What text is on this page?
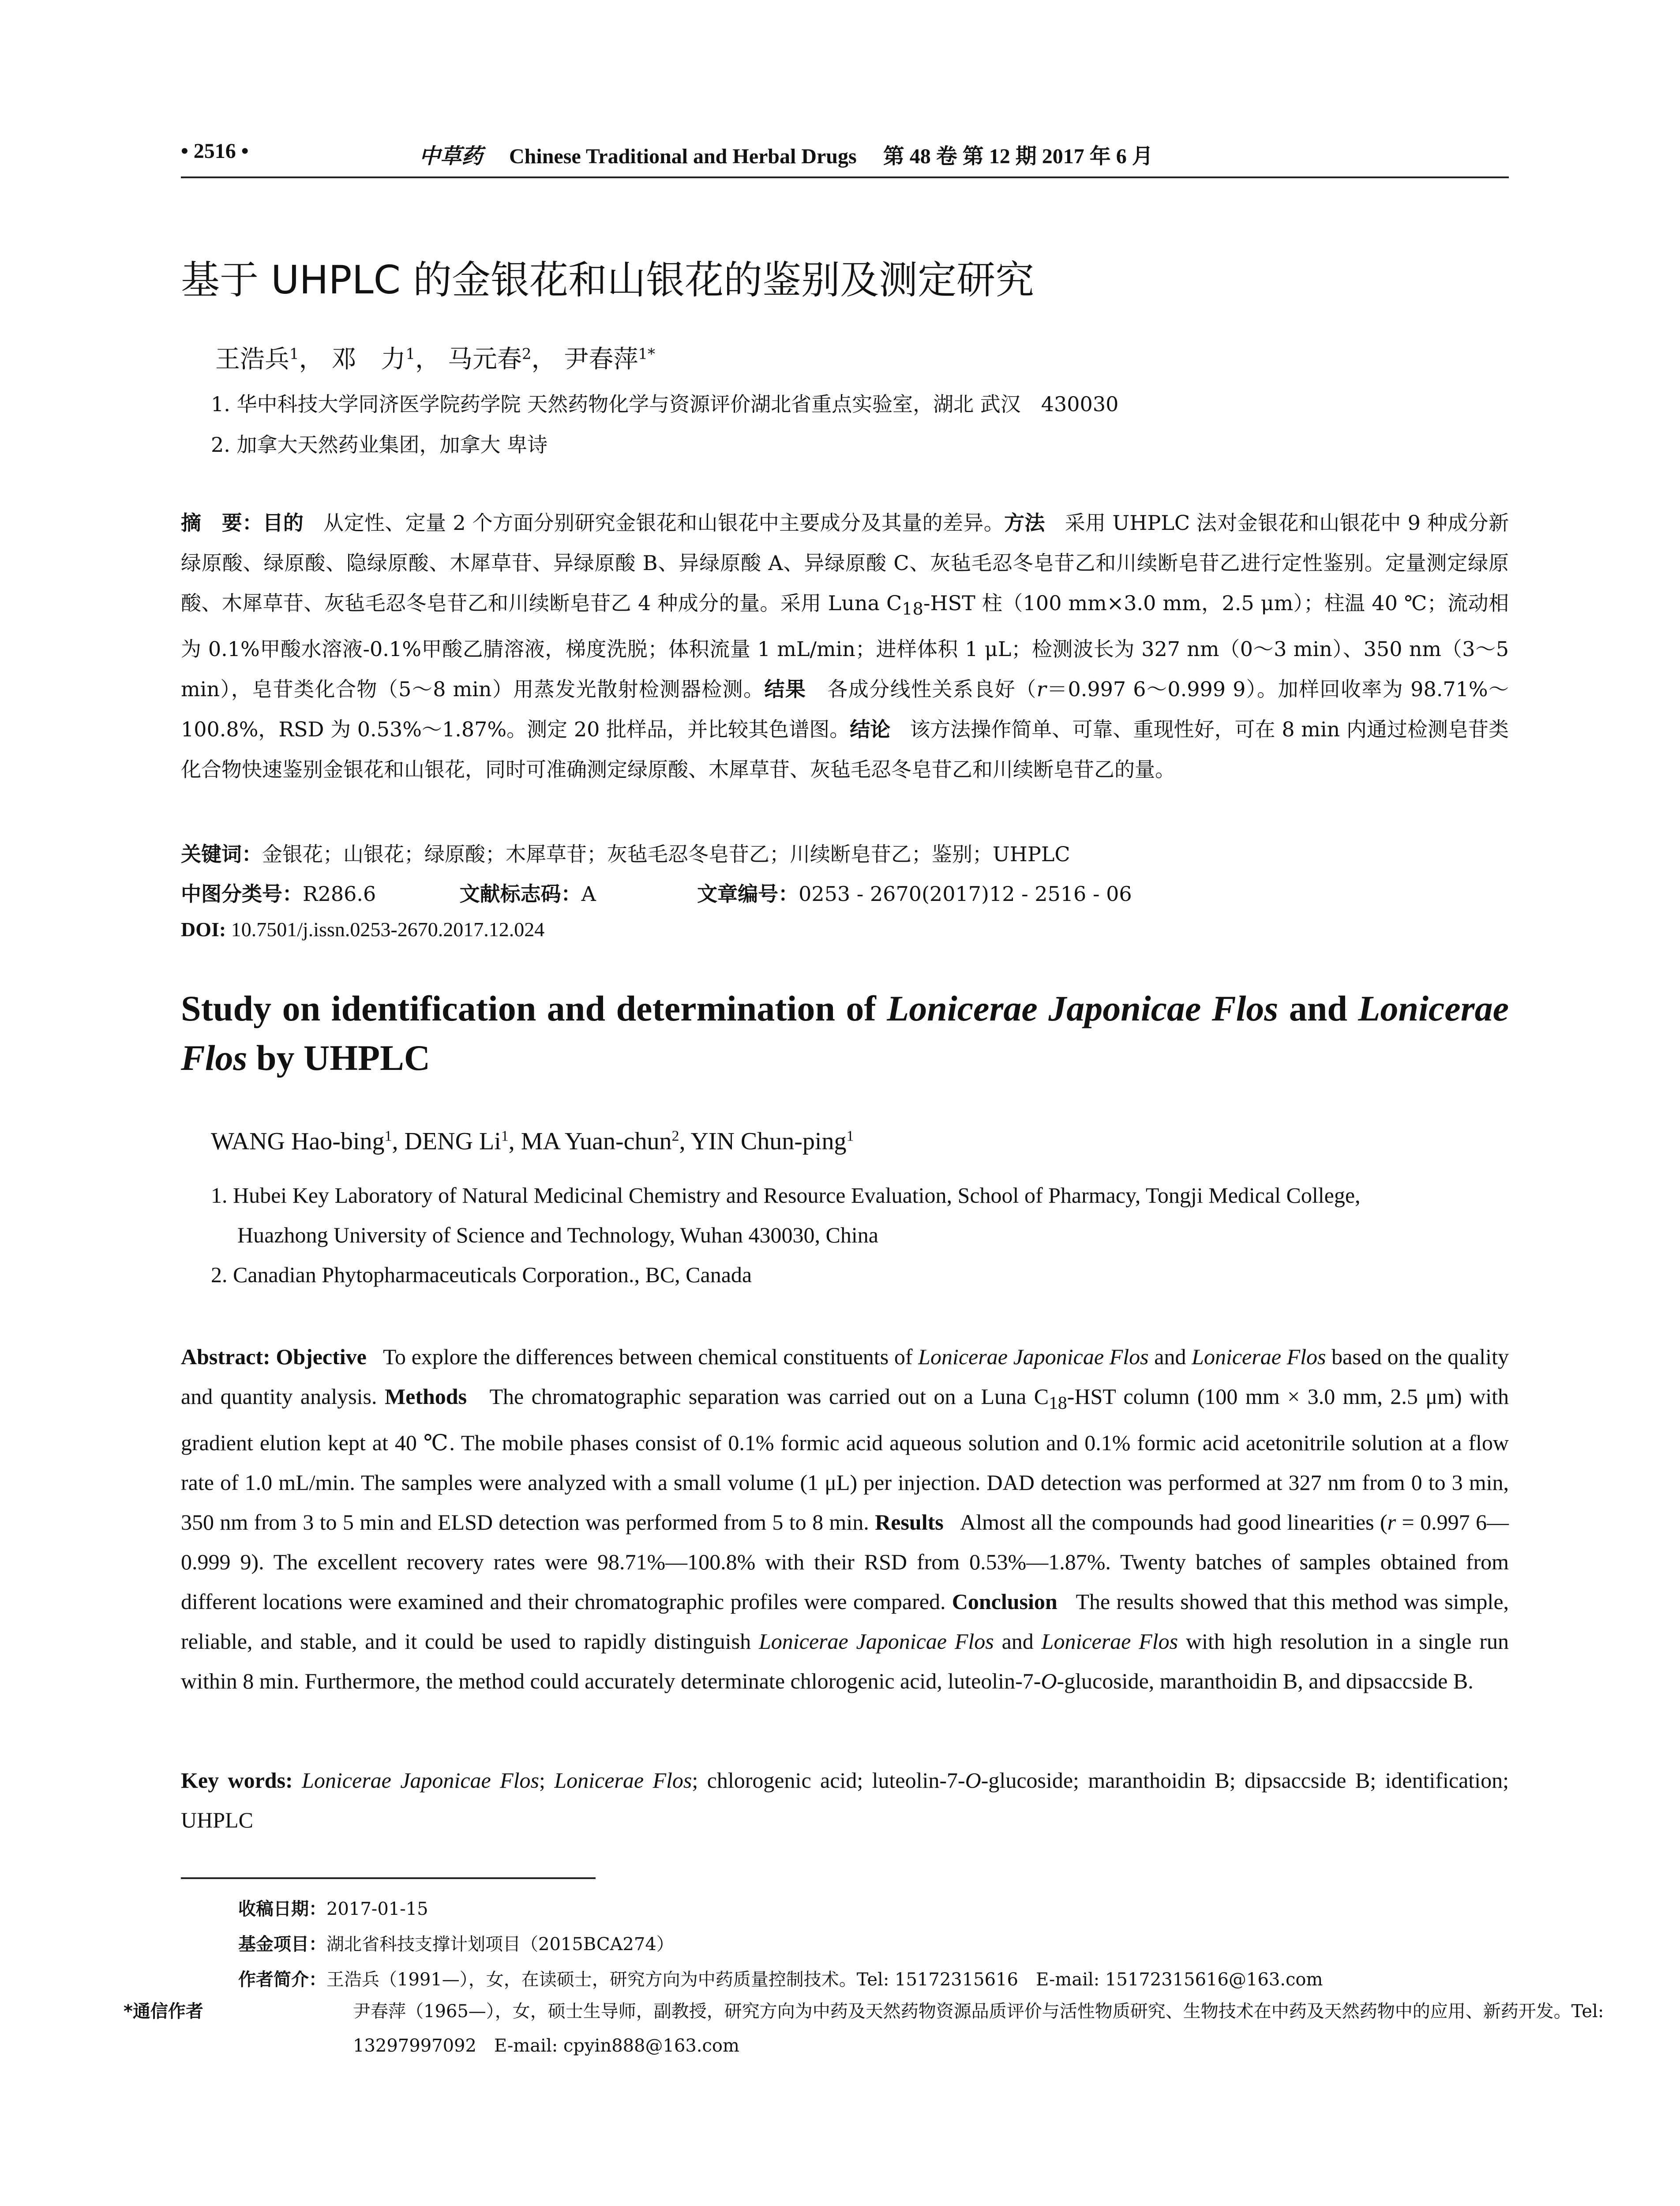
• 2516 •	中草药 Chinese Traditional and Herbal Drugs 第 48 卷 第 12 期 2017 年 6 月
基于 UHPLC 的金银花和山银花的鉴别及测定研究
王浩兵$^1$， 邓　力$^1$， 马元春$^2$， 尹春萍$^{1*}$
1. 华中科技大学同济医学院药学院 天然药物化学与资源评价湖北省重点实验室，湖北 武汉　430030
2. 加拿大天然药业集团，加拿大 卑诗
摘　要：目的 从定性、定量 2 个方面分别研究金银花和山银花中主要成分及其量的差异。方法 采用 UHPLC 法对金银花和山银花中 9 种成分新绿原酸、绿原酸、隐绿原酸、木犀草苷、异绿原酸 B、异绿原酸 A、异绿原酸 C、灰毡毛忍冬皂苷乙和川续断皂苷乙进行定性鉴别。定量测定绿原酸、木犀草苷、灰毡毛忍冬皂苷乙和川续断皂苷乙 4 种成分的量。采用 Luna $C_{18}$-HST 柱（100 mm×3.0 mm，2.5 μm）；柱温 40 ℃；流动相为 0.1%甲酸水溶液-0.1%甲酸乙腈溶液，梯度洗脱；体积流量 1 mL/min；进样体积 1 μL；检测波长为 327 nm（0～3 min）、350 nm（3～5 min），皂苷类化合物（5～8 min）用蒸发光散射检测器检测。结果 各成分线性关系良好（r＝0.997 6～0.999 9）。加样回收率为 98.71%～100.8%，RSD 为 0.53%～1.87%。测定 20 批样品，并比较其色谱图。结论 该方法操作简单、可靠、重现性好，可在 8 min 内通过检测皂苷类化合物快速鉴别金银花和山银花，同时可准确测定绿原酸、木犀草苷、灰毡毛忍冬皂苷乙和川续断皂苷乙的量。
关键词：金银花；山银花；绿原酸；木犀草苷；灰毡毛忍冬皂苷乙；川续断皂苷乙；鉴别；UHPLC
中图分类号：R286.6	文献标志码：A	文章编号：0253 - 2670(2017)12 - 2516 - 06
DOI: 10.7501/j.issn.0253-2670.2017.12.024
Study on identification and determination of Lonicerae Japonicae Flos and Lonicerae Flos by UHPLC
WANG Hao-bing$^1$, DENG Li$^1$, MA Yuan-chun$^2$, YIN Chun-ping$^1$
1. Hubei Key Laboratory of Natural Medicinal Chemistry and Resource Evaluation, School of Pharmacy, Tongji Medical College,
Huazhong University of Science and Technology, Wuhan 430030, China
2. Canadian Phytopharmaceuticals Corporation., BC, Canada
Abstract: Objective To explore the differences between chemical constituents of Lonicerae Japonicae Flos and Lonicerae Flos based on the quality and quantity analysis. Methods The chromatographic separation was carried out on a Luna $C_{18}$-HST column (100 mm × 3.0 mm, 2.5 μm) with gradient elution kept at 40 ℃. The mobile phases consist of 0.1% formic acid aqueous solution and 0.1% formic acid acetonitrile solution at a flow rate of 1.0 mL/min. The samples were analyzed with a small volume (1 μL) per injection. DAD detection was performed at 327 nm from 0 to 3 min, 350 nm from 3 to 5 min and ELSD detection was performed from 5 to 8 min. Results Almost all the compounds had good linearities (r = 0.997 6—0.999 9). The excellent recovery rates were 98.71%—100.8% with their RSD from 0.53%—1.87%. Twenty batches of samples obtained from different locations were examined and their chromatographic profiles were compared. Conclusion The results showed that this method was simple, reliable, and stable, and it could be used to rapidly distinguish Lonicerae Japonicae Flos and Lonicerae Flos with high resolution in a single run within 8 min. Furthermore, the method could accurately determinate chlorogenic acid, luteolin-7-O-glucoside, maranthoidin B, and dipsaccside B.
Key words: Lonicerae Japonicae Flos; Lonicerae Flos; chlorogenic acid; luteolin-7-O-glucoside; maranthoidin B; dipsaccside B; identification; UHPLC
收稿日期：2017-01-15
基金项目：湖北省科技支撑计划项目（2015BCA274）
作者简介：王浩兵（1991—），女，在读硕士，研究方向为中药质量控制技术。Tel: 15172315616　E-mail: 15172315616@163.com
*通信作者	尹春萍（1965—），女，硕士生导师，副教授，研究方向为中药及天然药物资源品质评价与活性物质研究、生物技术在中药及天然药物中的应用、新药开发。Tel: 13297997092　E-mail: cpyin888@163.com
